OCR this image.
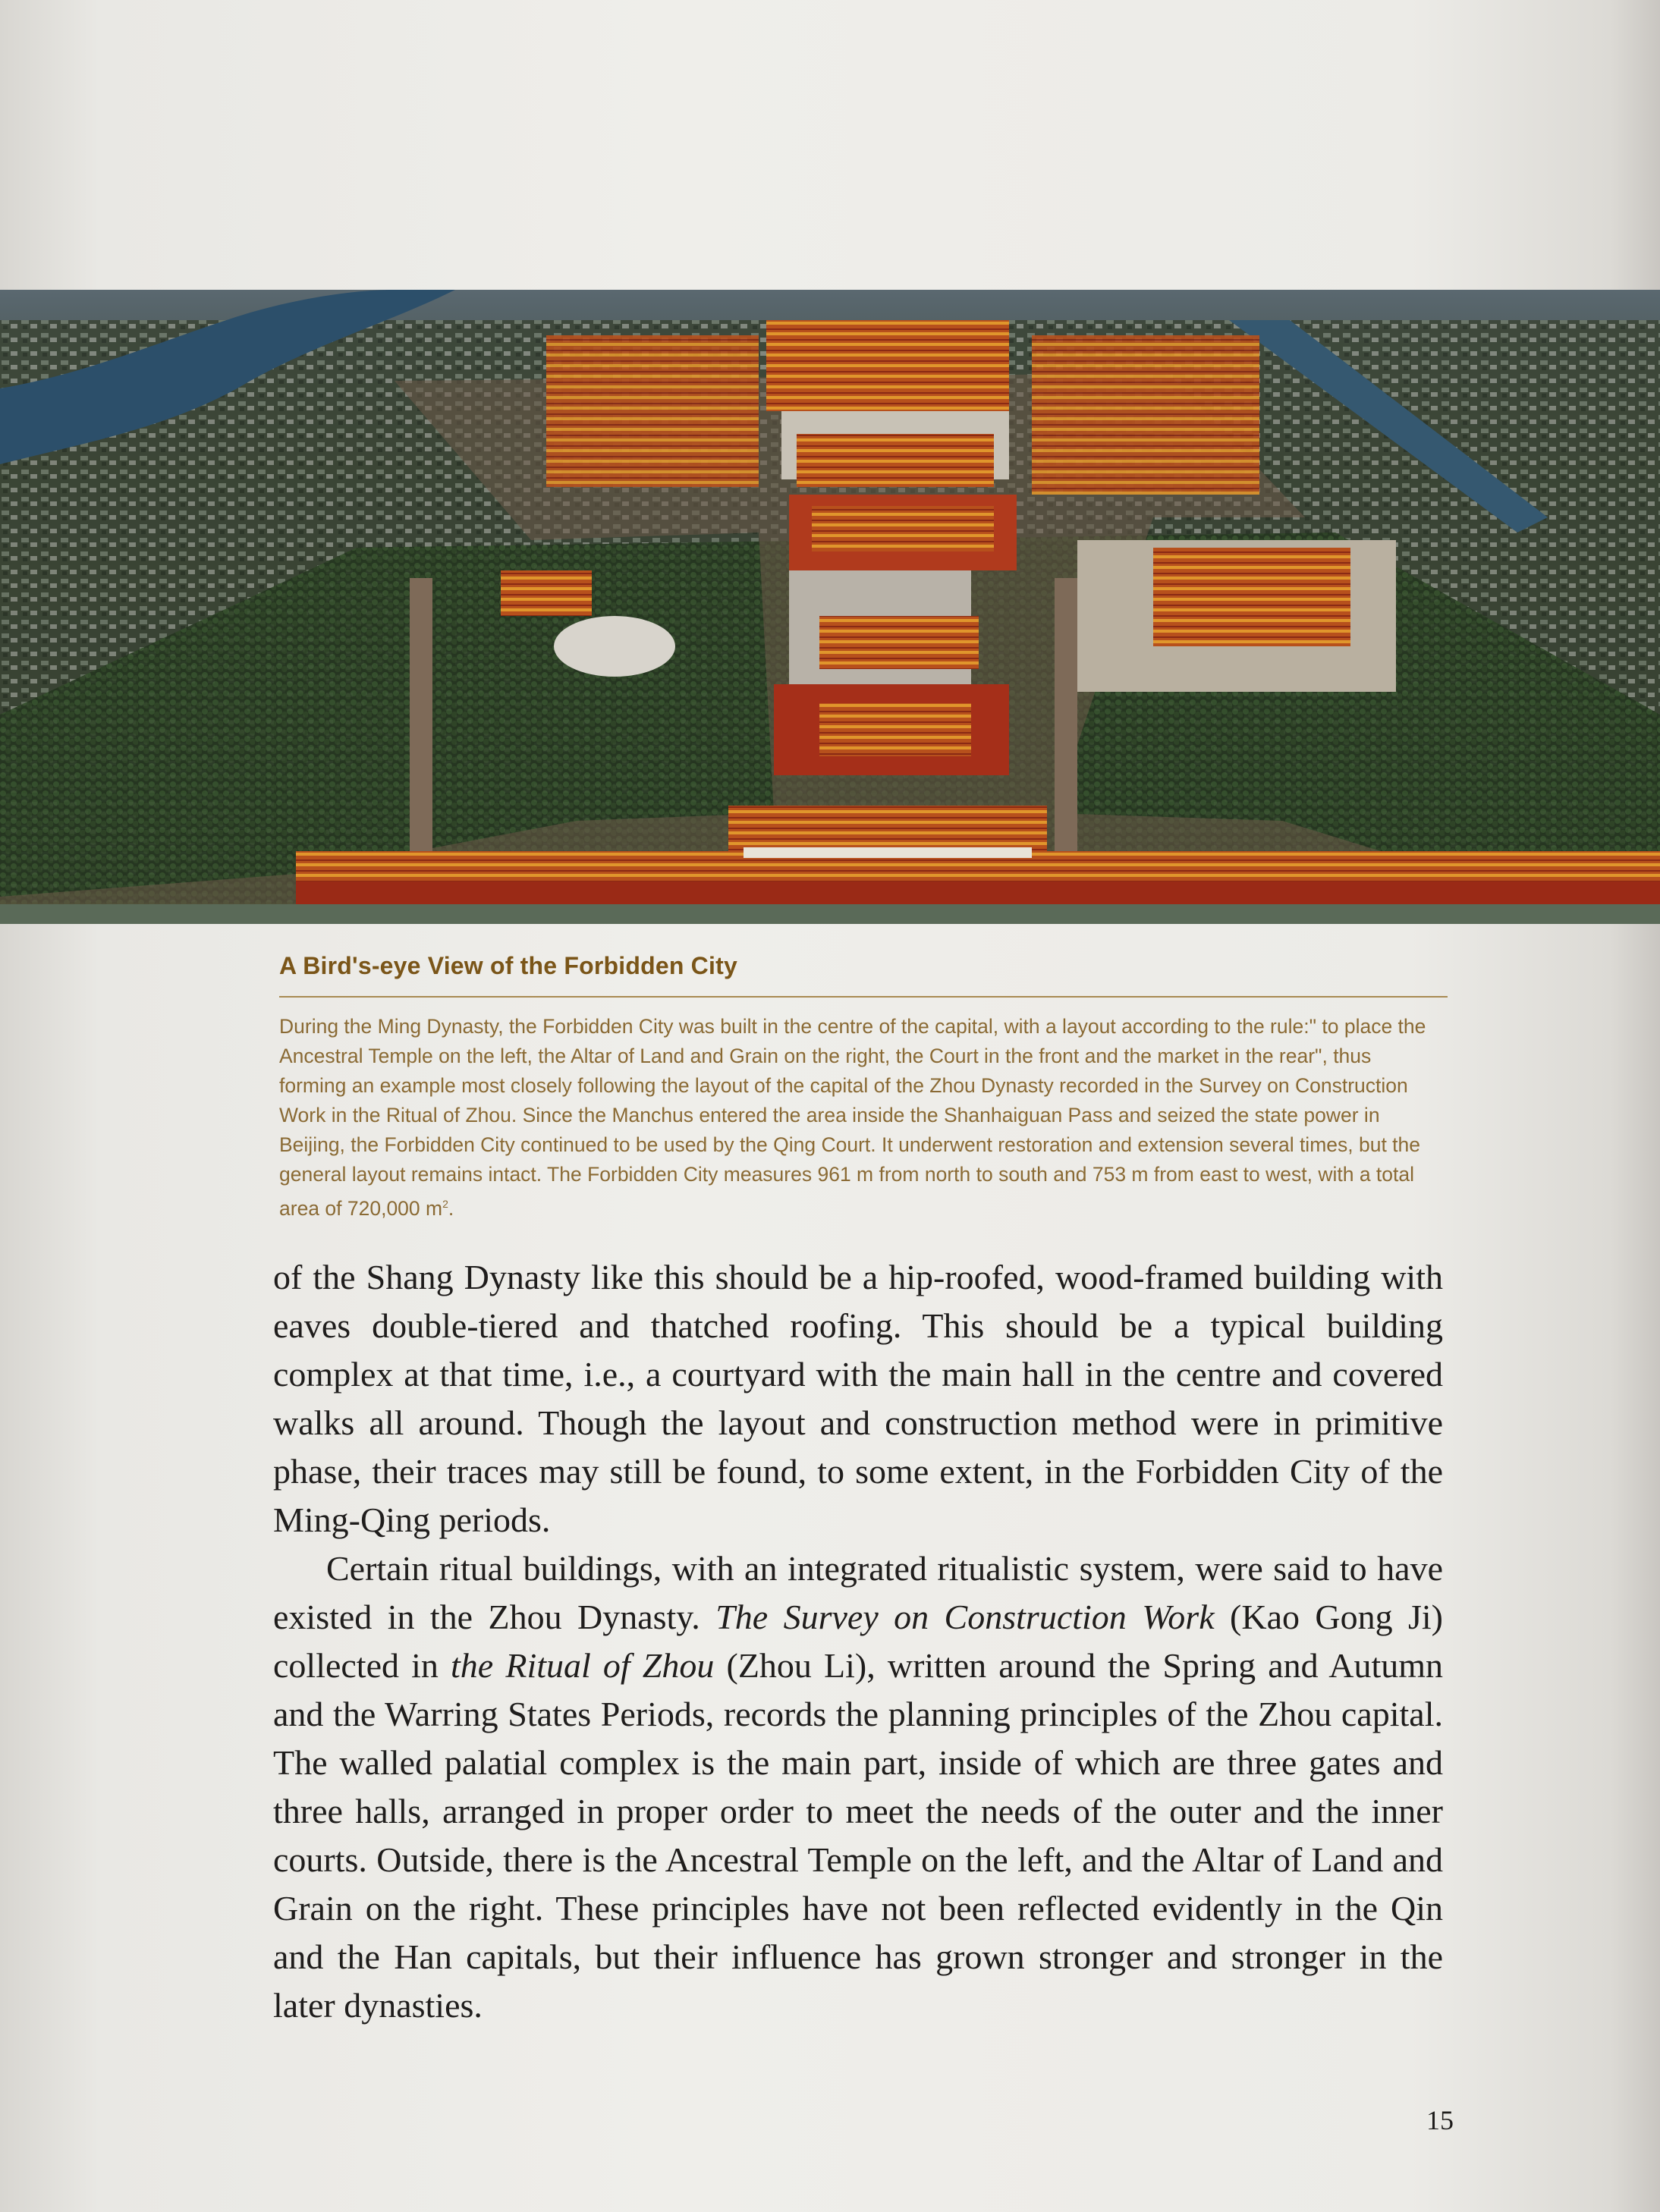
A Bird's-eye View of the Forbidden City
During the Ming Dynasty, the Forbidden City was built in the centre of the capital, with a layout according to the rule:" to place the Ancestral Temple on the left, the Altar of Land and Grain on the right, the Court in the front and the market in the rear", thus forming an example most closely following the layout of the capital of the Zhou Dynasty recorded in the Survey on Construction Work in the Ritual of Zhou. Since the Manchus entered the area inside the Shanhaiguan Pass and seized the state power in Beijing, the Forbidden City continued to be used by the Qing Court. It underwent restoration and extension several times, but the general layout remains intact. The Forbidden City measures 961 m from north to south and 753 m from east to west, with a total area of 720,000 $m^2$.

of the Shang Dynasty like this should be a hip-roofed, wood-framed building with eaves double-tiered and thatched roofing. This should be a typical building complex at that time, i.e., a courtyard with the main hall in the centre and covered walks all around. Though the layout and construction method were in primitive phase, their traces may still be found, to some extent, in the Forbidden City of the Ming-Qing periods.

Certain ritual buildings, with an integrated ritualistic system, were said to have existed in the Zhou Dynasty. The Survey on Construction Work (Kao Gong Ji) collected in the Ritual of Zhou (Zhou Li), written around the Spring and Autumn and the Warring States Periods, records the planning principles of the Zhou capital. The walled palatial complex is the main part, inside of which are three gates and three halls, arranged in proper order to meet the needs of the outer and the inner courts. Outside, there is the Ancestral Temple on the left, and the Altar of Land and Grain on the right. These principles have not been reflected evidently in the Qin and the Han capitals, but their influence has grown stronger and stronger in the later dynasties.

15
